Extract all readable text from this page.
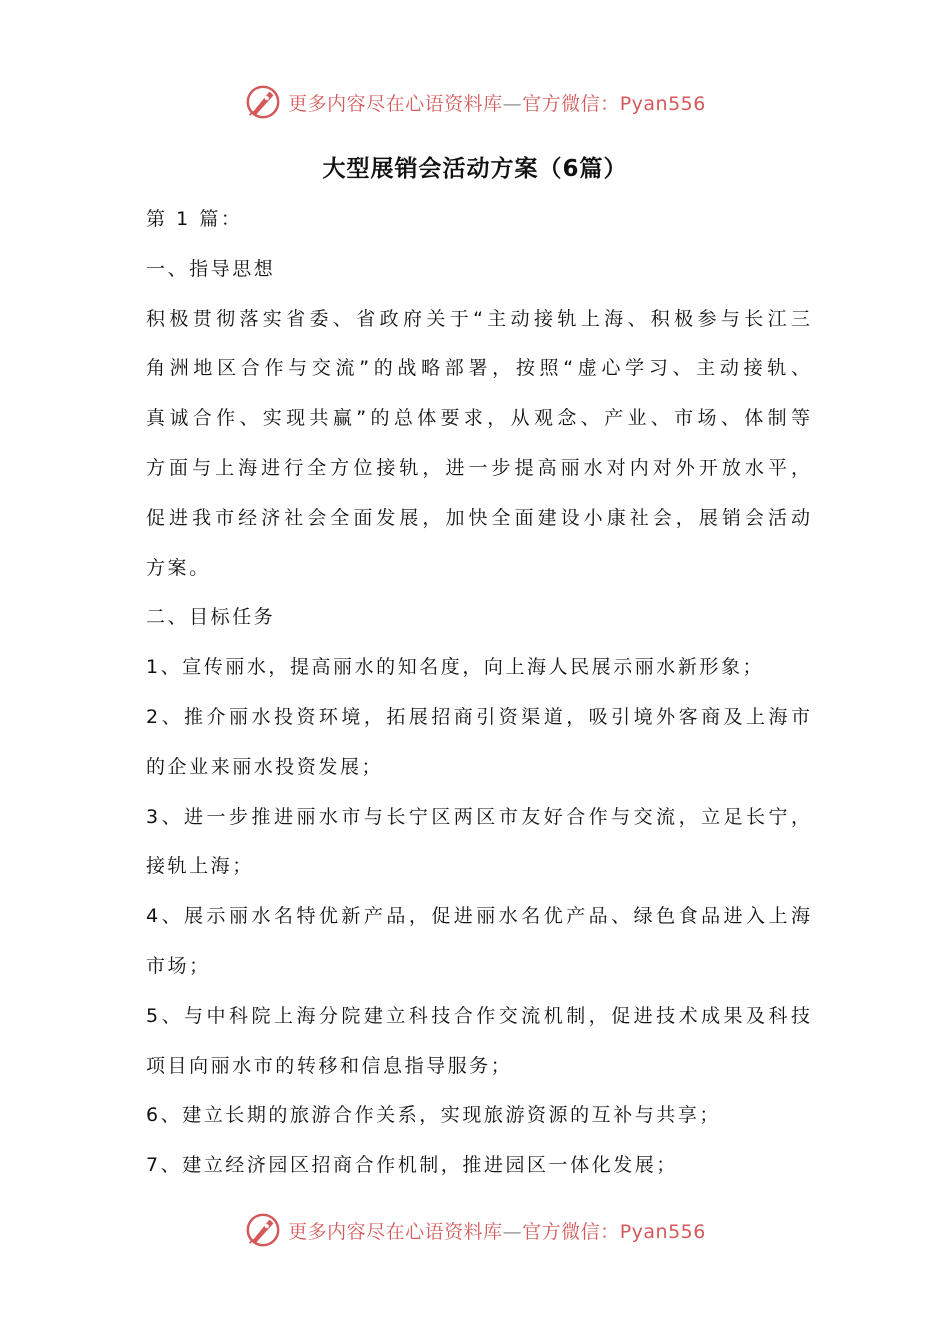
更多内容尽在心语资料库—官方微信：Pyan556
大型展销会活动方案（6篇）
第 1 篇：
一、指导思想
积极贯彻落实省委、省政府关于“主动接轨上海、积极参与长江三
角洲地区合作与交流”的战略部署，按照“虚心学习、主动接轨、
真诚合作、实现共赢”的总体要求，从观念、产业、市场、体制等
方面与上海进行全方位接轨，进一步提高丽水对内对外开放水平，
促进我市经济社会全面发展，加快全面建设小康社会，展销会活动
方案。
二、目标任务
1、宣传丽水，提高丽水的知名度，向上海人民展示丽水新形象；
2、推介丽水投资环境，拓展招商引资渠道，吸引境外客商及上海市
的企业来丽水投资发展；
3、进一步推进丽水市与长宁区两区市友好合作与交流，立足长宁，
接轨上海；
4、展示丽水名特优新产品，促进丽水名优产品、绿色食品进入上海
市场；
5、与中科院上海分院建立科技合作交流机制，促进技术成果及科技
项目向丽水市的转移和信息指导服务；
6、建立长期的旅游合作关系，实现旅游资源的互补与共享；
7、建立经济园区招商合作机制，推进园区一体化发展；
更多内容尽在心语资料库—官方微信：Pyan556
